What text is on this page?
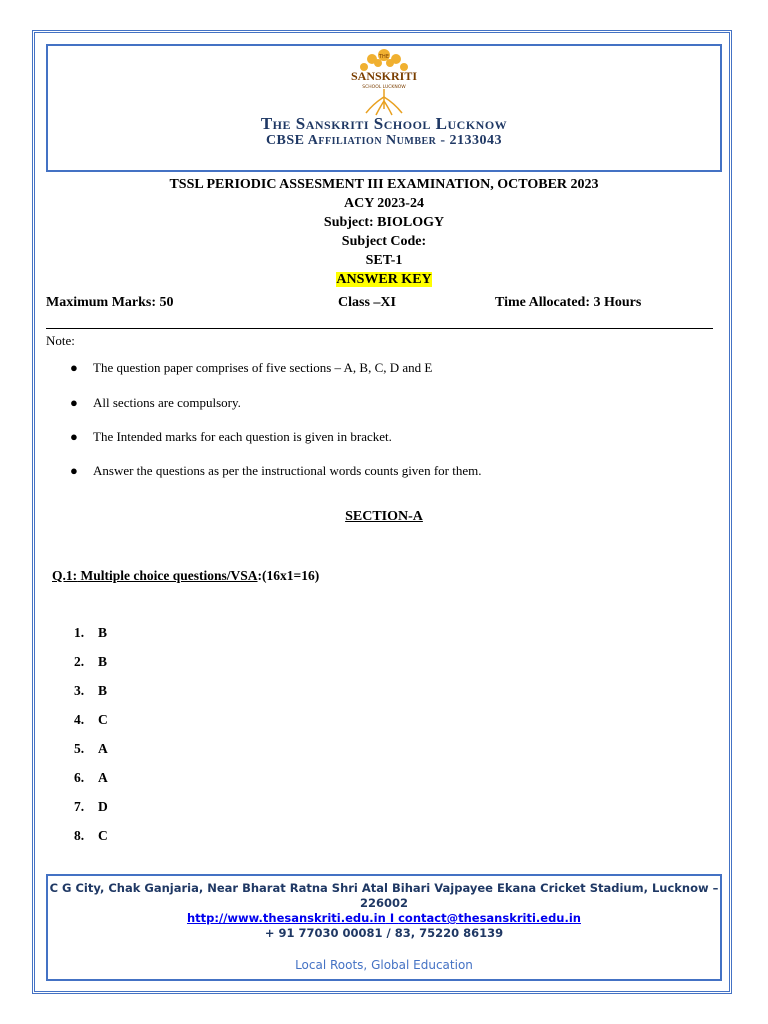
THE
SANSKRITI
SCHOOL LUCKNOW
The Sanskriti School Lucknow
CBSE Affiliation Number - 2133043
TSSL PERIODIC ASSESMENT III EXAMINATION, OCTOBER 2023
ACY 2023-24
Subject: BIOLOGY
Subject Code:
SET-1
ANSWER KEY
Maximum Marks: 50	Class –XI	Time Allocated: 3 Hours
Note:
● The question paper comprises of five sections – A, B, C, D and E
● All sections are compulsory.
● The Intended marks for each question is given in bracket.
● Answer the questions as per the instructional words counts given for them.
SECTION-A
Q.1: Multiple choice questions/VSA:(16x1=16)
1. B
2. B
3. B
4. C
5. A
6. A
7. D
8. C
C G City, Chak Ganjaria, Near Bharat Ratna Shri Atal Bihari Vajpayee Ekana Cricket Stadium, Lucknow –
226002
http://www.thesanskriti.edu.in I contact@thesanskriti.edu.in
+ 91 77030 00081 / 83, 75220 86139
Local Roots, Global Education
